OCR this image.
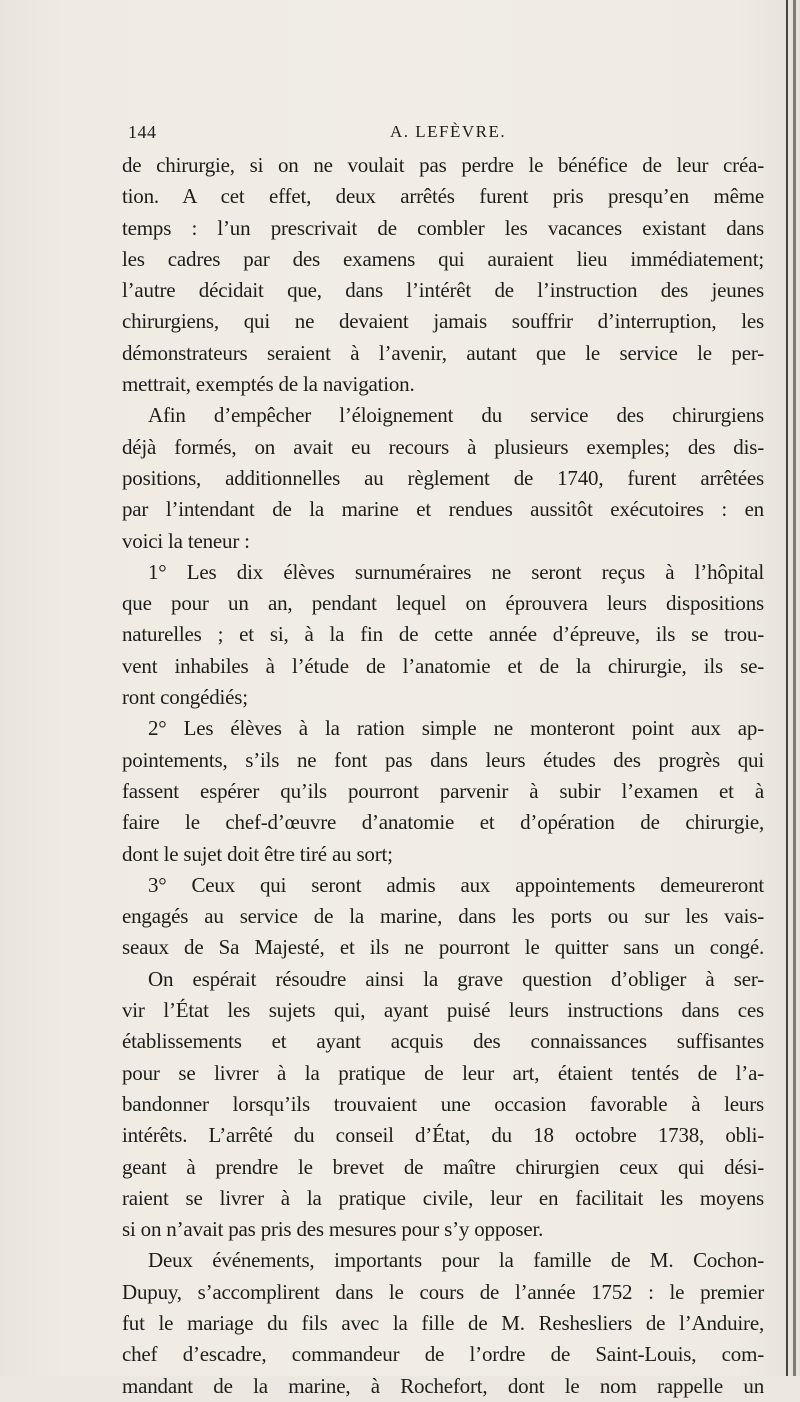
144	A. LEFÈVRE.
de chirurgie, si on ne voulait pas perdre le bénéfice de leur créa-
tion. A cet effet, deux arrêtés furent pris presqu’en même
temps : l’un prescrivait de combler les vacances existant dans
les cadres par des examens qui auraient lieu immédiatement;
l’autre décidait que, dans l’intérêt de l’instruction des jeunes
chirurgiens, qui ne devaient jamais souffrir d’interruption, les
démonstrateurs seraient à l’avenir, autant que le service le per-
mettrait, exemptés de la navigation.
Afin d’empêcher l’éloignement du service des chirurgiens
déjà formés, on avait eu recours à plusieurs exemples; des dis-
positions, additionnelles au règlement de 1740, furent arrêtées
par l’intendant de la marine et rendues aussitôt exécutoires : en
voici la teneur :
1° Les dix élèves surnuméraires ne seront reçus à l’hôpital
que pour un an, pendant lequel on éprouvera leurs dispositions
naturelles ; et si, à la fin de cette année d’épreuve, ils se trou-
vent inhabiles à l’étude de l’anatomie et de la chirurgie, ils se-
ront congédiés;
2° Les élèves à la ration simple ne monteront point aux ap-
pointements, s’ils ne font pas dans leurs études des progrès qui
fassent espérer qu’ils pourront parvenir à subir l’examen et à
faire le chef-d’œuvre d’anatomie et d’opération de chirurgie,
dont le sujet doit être tiré au sort;
3° Ceux qui seront admis aux appointements demeureront
engagés au service de la marine, dans les ports ou sur les vais-
seaux de Sa Majesté, et ils ne pourront le quitter sans un congé.
On espérait résoudre ainsi la grave question d’obliger à ser-
vir l’État les sujets qui, ayant puisé leurs instructions dans ces
établissements et ayant acquis des connaissances suffisantes
pour se livrer à la pratique de leur art, étaient tentés de l’a-
bandonner lorsqu’ils trouvaient une occasion favorable à leurs
intérêts. L’arrêté du conseil d’État, du 18 octobre 1738, obli-
geant à prendre le brevet de maître chirurgien ceux qui dési-
raient se livrer à la pratique civile, leur en facilitait les moyens
si on n’avait pas pris des mesures pour s’y opposer.
Deux événements, importants pour la famille de M. Cochon-
Dupuy, s’accomplirent dans le cours de l’année 1752 : le premier
fut le mariage du fils avec la fille de M. Reshesliers de l’Anduire,
chef d’escadre, commandeur de l’ordre de Saint-Louis, com-
mandant de la marine, à Rochefort, dont le nom rappelle un
